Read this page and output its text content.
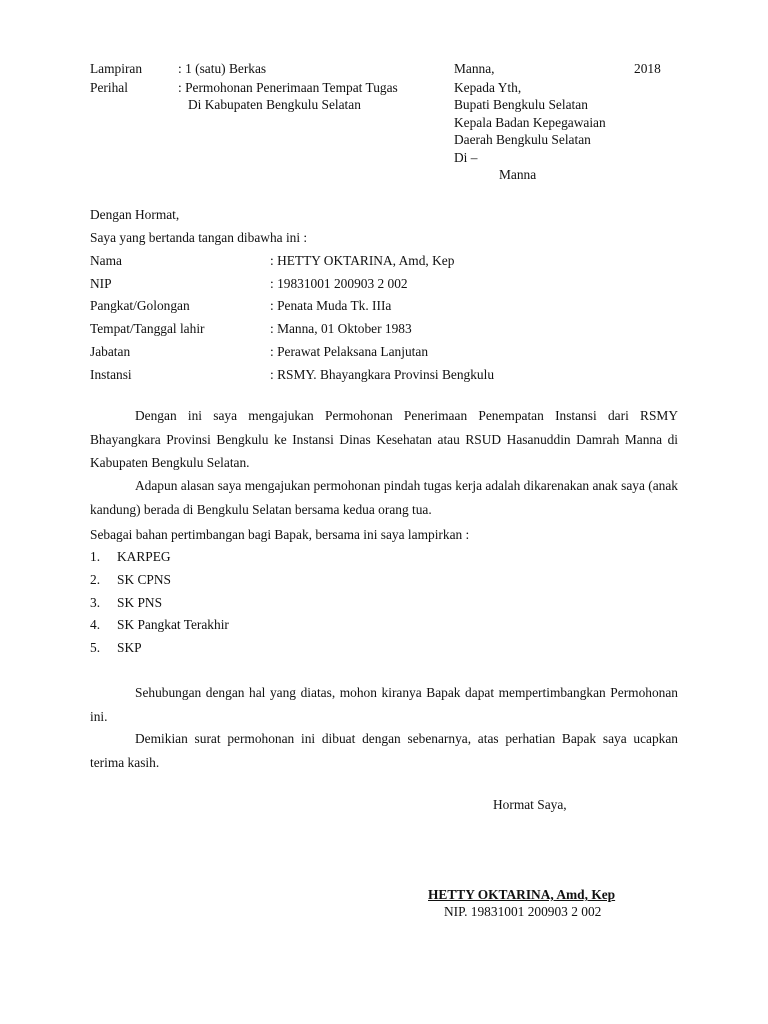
Lampiran	: 1 (satu) Berkas
Perihal	: Permohonan Penerimaan Tempat Tugas
Di Kabupaten Bengkulu Selatan
Manna,	2018
Kepada Yth,
Bupati Bengkulu Selatan
Kepala Badan Kepegawaian
Daerah Bengkulu Selatan
Di –
Manna
Dengan Hormat,
Saya yang bertanda tangan dibawha ini :
Nama	: HETTY OKTARINA, Amd, Kep
NIP	: 19831001 200903 2 002
Pangkat/Golongan	: Penata Muda Tk. IIIa
Tempat/Tanggal lahir	: Manna, 01 Oktober 1983
Jabatan	: Perawat Pelaksana Lanjutan
Instansi	: RSMY. Bhayangkara Provinsi Bengkulu
Dengan ini saya mengajukan Permohonan Penerimaan Penempatan Instansi dari RSMY Bhayangkara Provinsi Bengkulu ke Instansi Dinas Kesehatan atau RSUD Hasanuddin Damrah Manna di Kabupaten Bengkulu Selatan.
Adapun alasan saya mengajukan permohonan pindah tugas kerja adalah dikarenakan anak saya (anak kandung) berada di Bengkulu Selatan bersama kedua orang tua.
Sebagai bahan pertimbangan bagi Bapak, bersama ini saya lampirkan :
1. KARPEG
2. SK CPNS
3. SK PNS
4. SK Pangkat Terakhir
5. SKP
Sehubungan dengan hal yang diatas, mohon kiranya Bapak dapat mempertimbangkan Permohonan ini.
Demikian surat permohonan ini dibuat dengan sebenarnya, atas perhatian Bapak saya ucapkan terima kasih.
Hormat Saya,
HETTY OKTARINA, Amd, Kep
NIP. 19831001 200903 2 002
